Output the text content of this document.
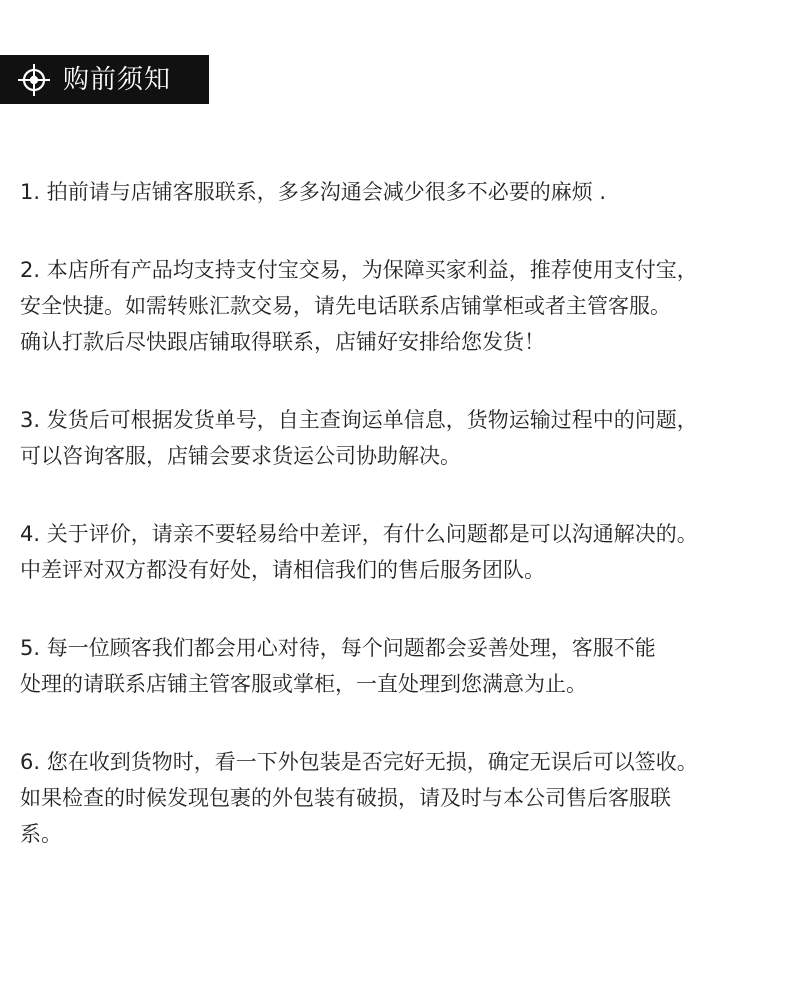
购前须知
1. 拍前请与店铺客服联系，多多沟通会减少很多不必要的麻烦 .
2. 本店所有产品均支持支付宝交易，为保障买家利益，推荐使用支付宝，
安全快捷。如需转账汇款交易，请先电话联系店铺掌柜或者主管客服。
确认打款后尽快跟店铺取得联系，店铺好安排给您发货！
3. 发货后可根据发货单号，自主查询运单信息，货物运输过程中的问题，
可以咨询客服，店铺会要求货运公司协助解决。
4. 关于评价，请亲不要轻易给中差评，有什么问题都是可以沟通解决的。
中差评对双方都没有好处，请相信我们的售后服务团队。
5. 每一位顾客我们都会用心对待，每个问题都会妥善处理，客服不能
处理的请联系店铺主管客服或掌柜，一直处理到您满意为止。
6. 您在收到货物时，看一下外包装是否完好无损，确定无误后可以签收。
如果检查的时候发现包裹的外包装有破损，请及时与本公司售后客服联
系。
